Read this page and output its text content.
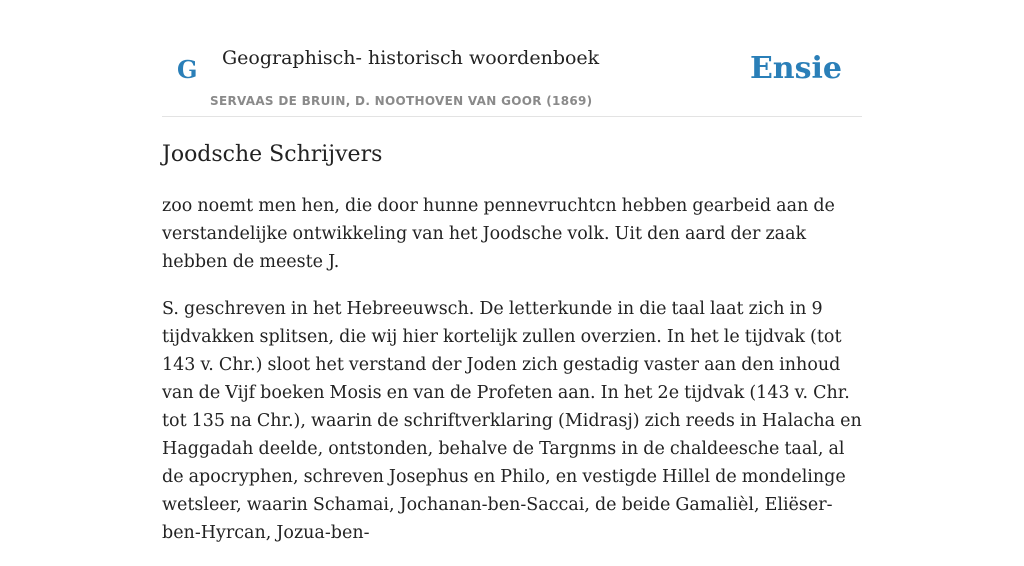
G Geographisch- historisch woordenboek
SERVAAS DE BRUIN, D. NOOTHOVEN VAN GOOR (1869)
Ensie
Joodsche Schrijvers

zoo noemt men hen, die door hunne pennevruchtcn hebben gearbeid aan de verstandelijke ontwikkeling van het Joodsche volk. Uit den aard der zaak hebben de meeste J.

S. geschreven in het Hebreeuwsch. De letterkunde in die taal laat zich in 9 tijdvakken splitsen, die wij hier kortelijk zullen overzien. In het le tijdvak (tot 143 v. Chr.) sloot het verstand der Joden zich gestadig vaster aan den inhoud van de Vijf boeken Mosis en van de Profeten aan. In het 2e tijdvak (143 v. Chr. tot 135 na Chr.), waarin de schriftverklaring (Midrasj) zich reeds in Halacha en Haggadah deelde, ontstonden, behalve de Targnms in de chaldeesche taal, al de apocryphen, schreven Josephus en Philo, en vestigde Hillel de mondelinge wetsleer, waarin Schamai, Jochanan-ben-Saccai, de beide Gamalièl, Eliëser-ben-Hyrcan, Jozua-ben-
